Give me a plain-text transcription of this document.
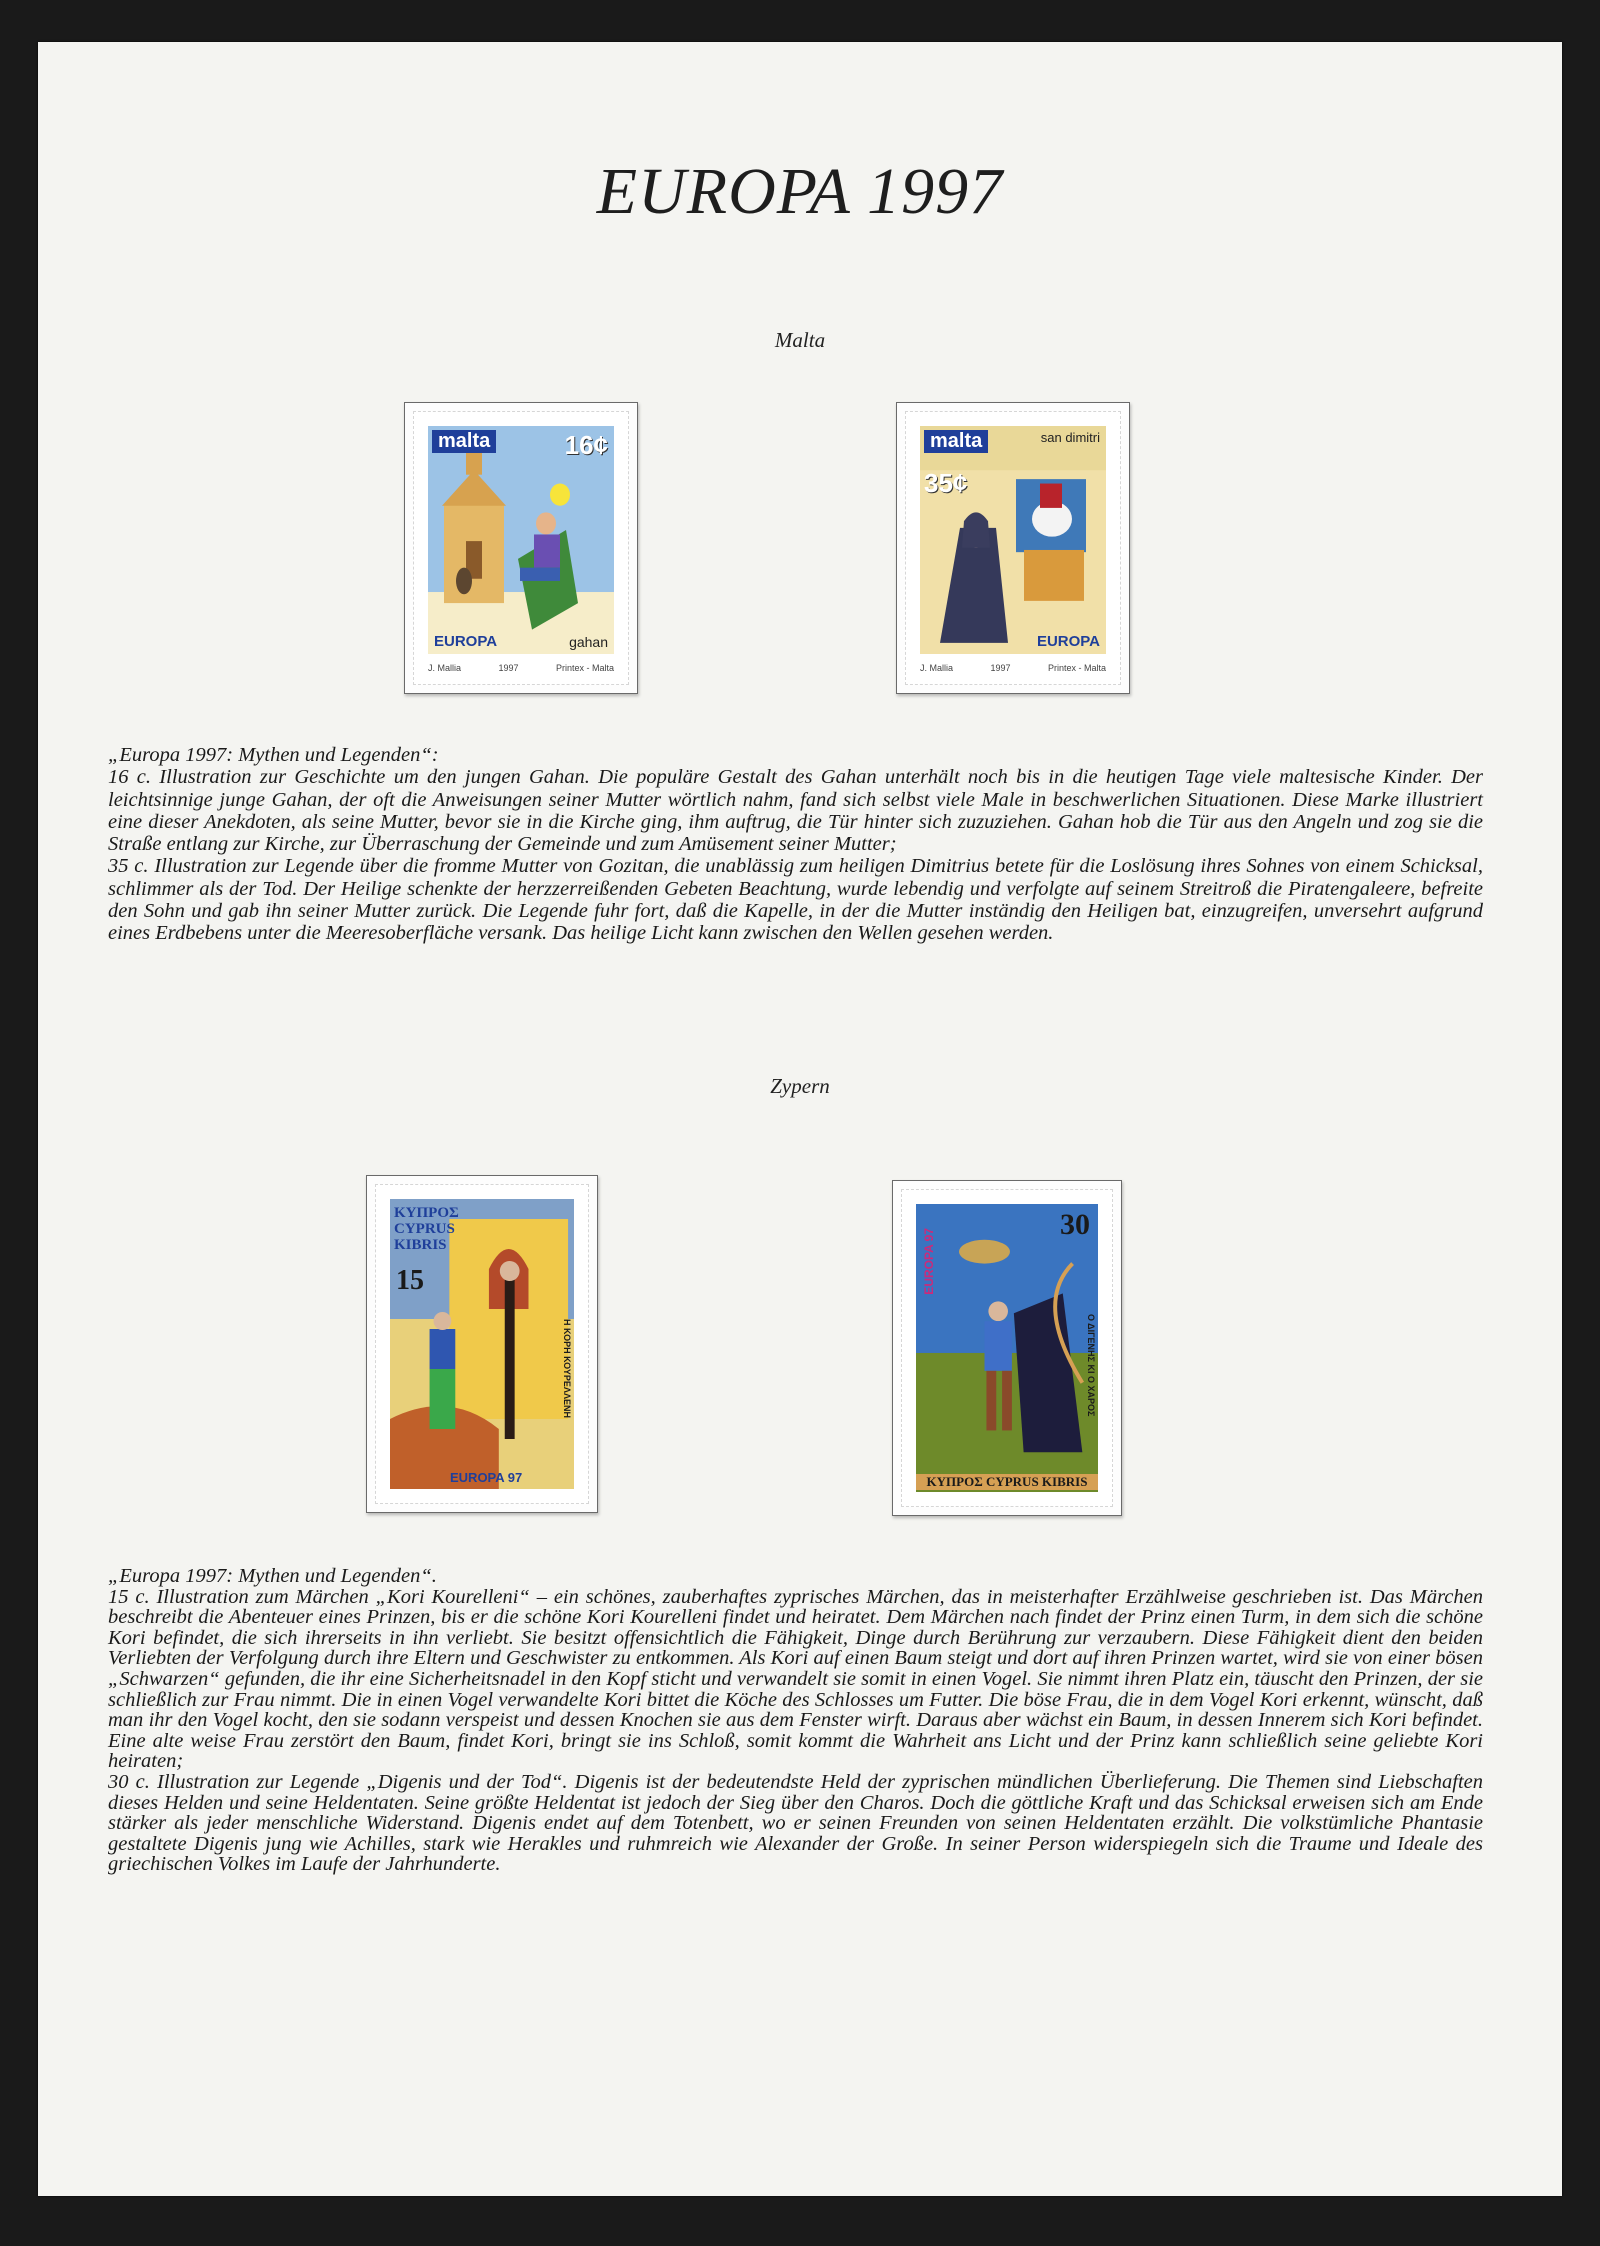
EUROPA 1997
Malta
malta	16¢
EUROPA	gahan
J. Mallia	1997	Printex - Malta
malta	san dimitri
35¢
EUROPA
J. Mallia	1997	Printex - Malta

„Europa 1997: Mythen und Legenden“:

16 c. Illustration zur Geschichte um den jungen Gahan. Die populäre Gestalt des Gahan unterhält noch bis in die heutigen Tage viele maltesische Kinder. Der leichtsinnige junge Gahan, der oft die Anweisungen seiner Mutter wörtlich nahm, fand sich selbst viele Male in beschwerlichen Situationen. Diese Marke illustriert eine dieser Anekdoten, als seine Mutter, bevor sie in die Kirche ging, ihm auftrug, die Tür hinter sich zuzuziehen. Gahan hob die Tür aus den Angeln und zog sie die Straße entlang zur Kirche, zur Überraschung der Gemeinde und zum Amüsement seiner Mutter;

35 c. Illustration zur Legende über die fromme Mutter von Gozitan, die unablässig zum heiligen Dimitrius betete für die Loslösung ihres Sohnes von einem Schicksal, schlimmer als der Tod. Der Heilige schenkte der herzzerreißenden Gebeten Beachtung, wurde lebendig und verfolgte auf seinem Streitroß die Piratengaleere, befreite den Sohn und gab ihn seiner Mutter zurück. Die Legende fuhr fort, daß die Kapelle, in der die Mutter inständig den Heiligen bat, einzugreifen, unversehrt aufgrund eines Erdbebens unter die Meeresoberfläche versank. Das heilige Licht kann zwischen den Wellen gesehen werden.

Zypern
ΚΥΠΡΟΣ
CYPRUS
KIBRIS
15
Η ΚΟΡΗ ΚΟΥΡΕΛΛΕΝΗ
EUROPA 97
EUROPA 97
30
Ο ΔΙΓΕΝΗΣ ΚΙ Ο ΧΑΡΟΣ
ΚΥΠΡΟΣ CYPRUS KIBRIS

„Europa 1997: Mythen und Legenden“.

15 c. Illustration zum Märchen „Kori Kourelleni“ – ein schönes, zauberhaftes zyprisches Märchen, das in meisterhafter Erzählweise geschrieben ist. Das Märchen beschreibt die Abenteuer eines Prinzen, bis er die schöne Kori Kourelleni findet und heiratet. Dem Märchen nach findet der Prinz einen Turm, in dem sich die schöne Kori befindet, die sich ihrerseits in ihn verliebt. Sie besitzt offensichtlich die Fähigkeit, Dinge durch Berührung zur verzaubern. Diese Fähigkeit dient den beiden Verliebten der Verfolgung durch ihre Eltern und Geschwister zu entkommen. Als Kori auf einen Baum steigt und dort auf ihren Prinzen wartet, wird sie von einer bösen „Schwarzen“ gefunden, die ihr eine Sicherheitsnadel in den Kopf sticht und verwandelt sie somit in einen Vogel. Sie nimmt ihren Platz ein, täuscht den Prinzen, der sie schließlich zur Frau nimmt. Die in einen Vogel verwandelte Kori bittet die Köche des Schlosses um Futter. Die böse Frau, die in dem Vogel Kori erkennt, wünscht, daß man ihr den Vogel kocht, den sie sodann verspeist und dessen Knochen sie aus dem Fenster wirft. Daraus aber wächst ein Baum, in dessen Innerem sich Kori befindet. Eine alte weise Frau zerstört den Baum, findet Kori, bringt sie ins Schloß, somit kommt die Wahrheit ans Licht und der Prinz kann schließlich seine geliebte Kori heiraten;

30 c. Illustration zur Legende „Digenis und der Tod“. Digenis ist der bedeutendste Held der zyprischen mündlichen Überlieferung. Die Themen sind Liebschaften dieses Helden und seine Heldentaten. Seine größte Heldentat ist jedoch der Sieg über den Charos. Doch die göttliche Kraft und das Schicksal erweisen sich am Ende stärker als jeder menschliche Widerstand. Digenis endet auf dem Totenbett, wo er seinen Freunden von seinen Heldentaten erzählt. Die volkstümliche Phantasie gestaltete Digenis jung wie Achilles, stark wie Herakles und ruhmreich wie Alexander der Große. In seiner Person widerspiegeln sich die Traume und Ideale des griechischen Volkes im Laufe der Jahrhunderte.
